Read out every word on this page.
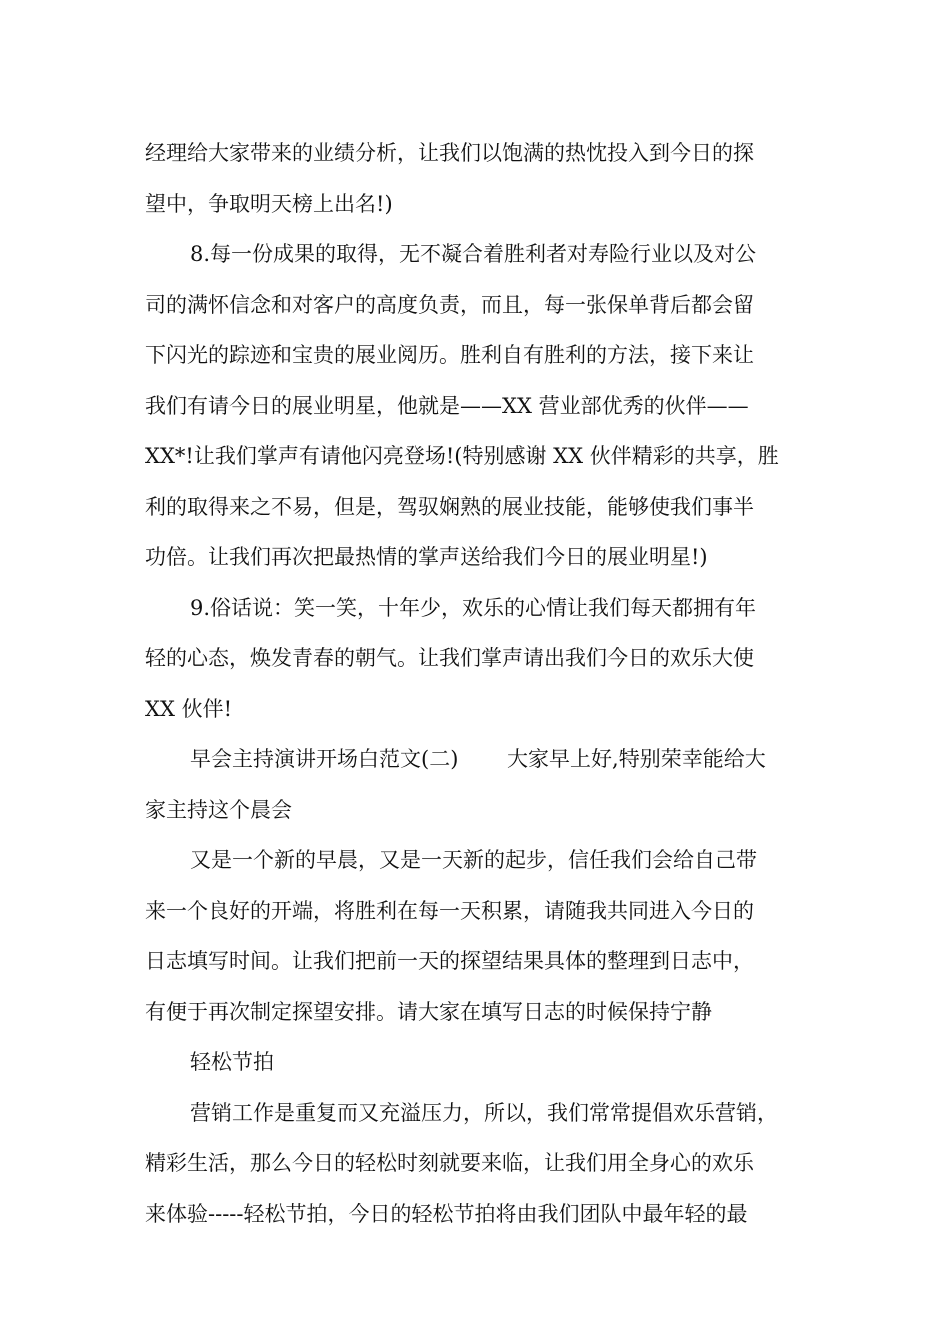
经理给大家带来的业绩分析，让我们以饱满的热忱投入到今日的探
望中，争取明天榜上出名!)
8.每一份成果的取得，无不凝合着胜利者对寿险行业以及对公
司的满怀信念和对客户的高度负责，而且，每一张保单背后都会留
下闪光的踪迹和宝贵的展业阅历。胜利自有胜利的方法，接下来让
我们有请今日的展业明星，他就是——XX 营业部优秀的伙伴——
XX*!让我们掌声有请他闪亮登场!(特别感谢 XX 伙伴精彩的共享，胜
利的取得来之不易，但是，驾驭娴熟的展业技能，能够使我们事半
功倍。让我们再次把最热情的掌声送给我们今日的展业明星!)
9.俗话说：笑一笑，十年少，欢乐的心情让我们每天都拥有年
轻的心态，焕发青春的朝气。让我们掌声请出我们今日的欢乐大使
XX 伙伴!
早会主持演讲开场白范文(二)　　 大家早上好,特别荣幸能给大
家主持这个晨会
又是一个新的早晨，又是一天新的起步，信任我们会给自己带
来一个良好的开端，将胜利在每一天积累，请随我共同进入今日的
日志填写时间。让我们把前一天的探望结果具体的整理到日志中，
有便于再次制定探望安排。请大家在填写日志的时候保持宁静
轻松节拍
营销工作是重复而又充溢压力，所以，我们常常提倡欢乐营销，
精彩生活，那么今日的轻松时刻就要来临，让我们用全身心的欢乐
来体验-----轻松节拍，今日的轻松节拍将由我们团队中最年轻的最
